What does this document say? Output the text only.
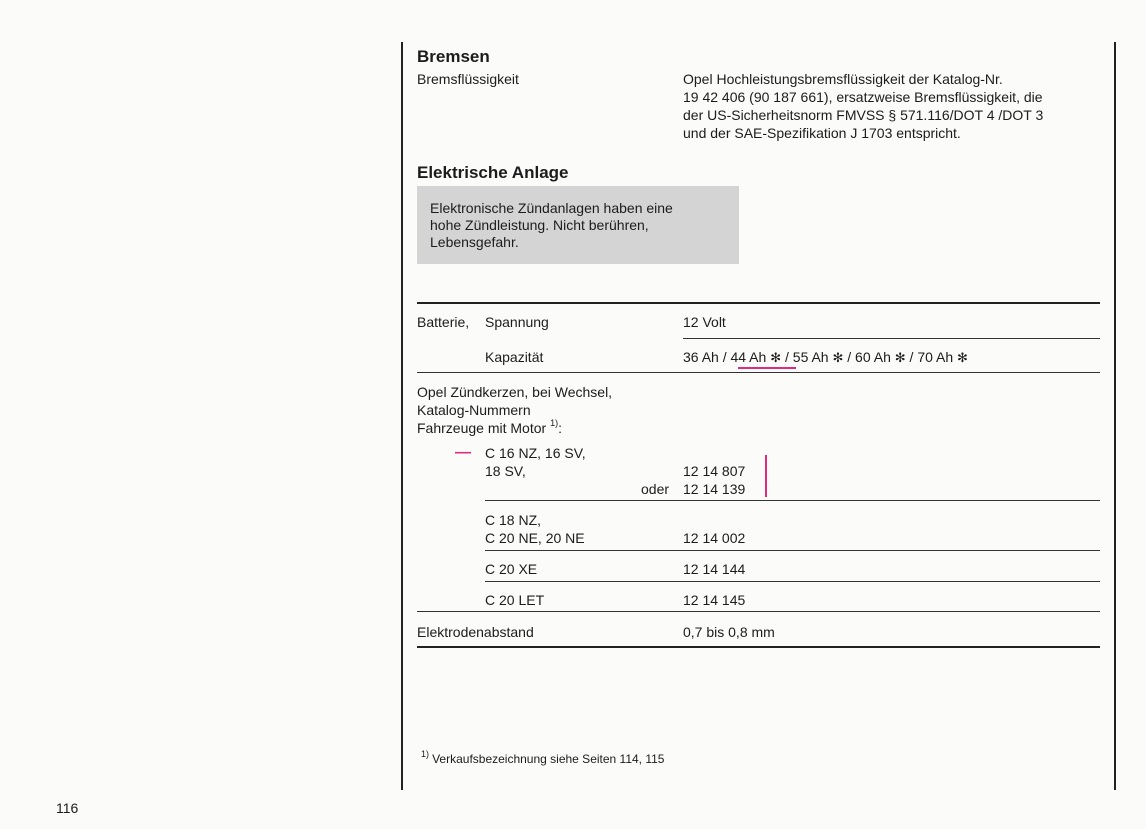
Bremsen
Bremsflüssigkeit	Opel Hochleistungsbremsflüssigkeit der Katalog-Nr.
19 42 406 (90 187 661), ersatzweise Bremsflüssigkeit, die
der US-Sicherheitsnorm FMVSS § 571.116/DOT 4 /DOT 3
und der SAE-Spezifikation J 1703 entspricht.
Elektrische Anlage
Elektronische Zündanlagen haben eine
hohe Zündleistung. Nicht berühren,
Lebensgefahr.
Batterie, Spannung	12 Volt
Kapazität	36 Ah / 44 Ah ✻ / 55 Ah ✻ / 60 Ah ✻ / 70 Ah ✻
Opel Zündkerzen, bei Wechsel,
Katalog-Nummern
Fahrzeuge mit Motor $^{1)}$:
— C 16 NZ, 16 SV,
18 SV,	12 14 807
oder 12 14 139
C 18 NZ,
C 20 NE, 20 NE	12 14 002
C 20 XE	12 14 144
C 20 LET	12 14 145
Elektrodenabstand	0,7 bis 0,8 mm
$^{1)}$ Verkaufsbezeichnung siehe Seiten 114, 115
116
